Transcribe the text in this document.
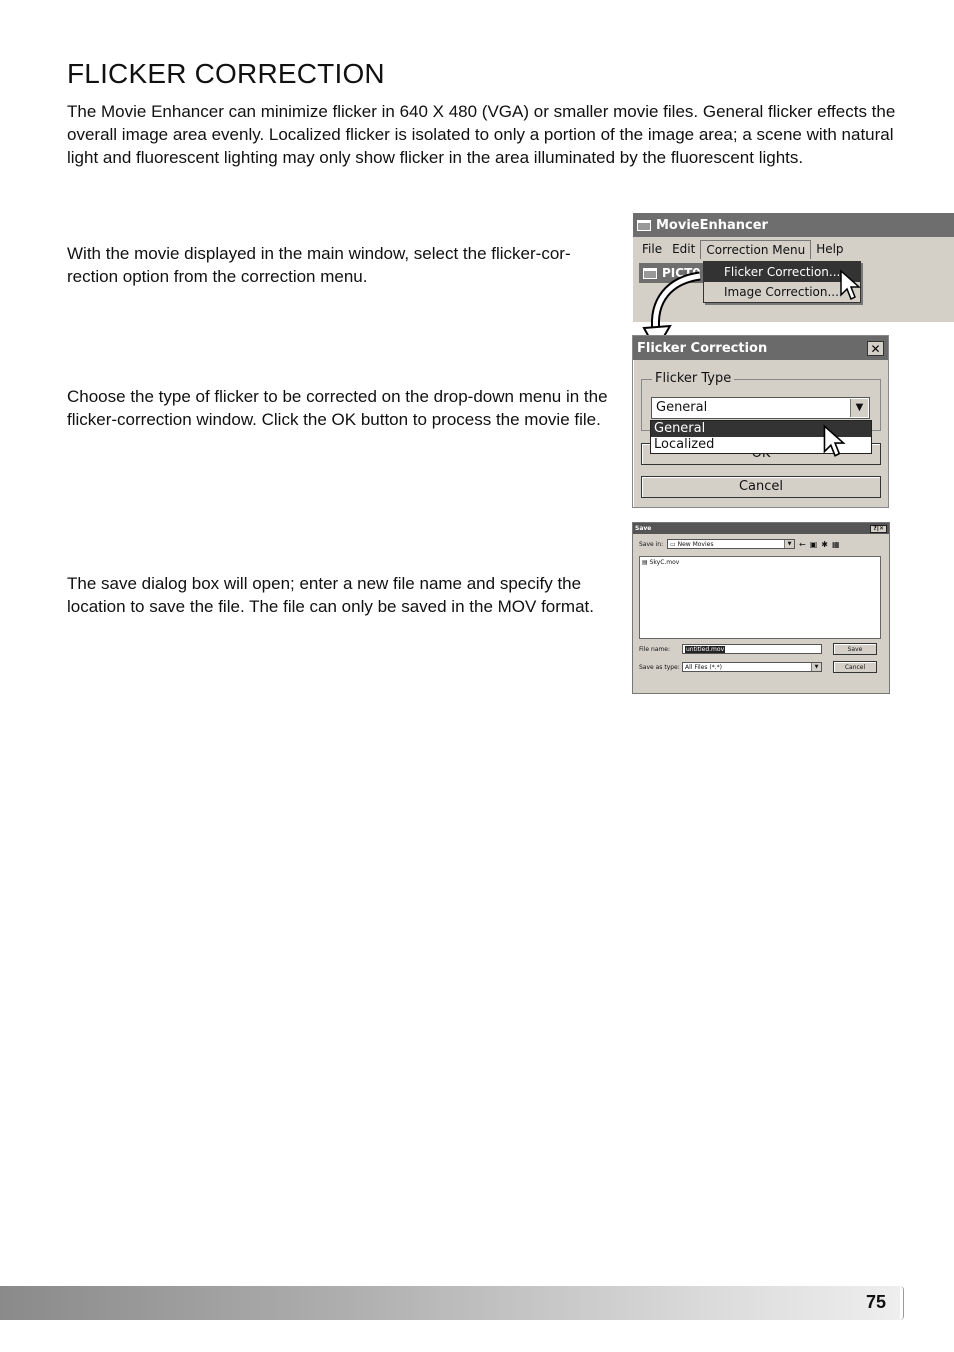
FLICKER CORRECTION

The Movie Enhancer can minimize flicker in 640 X 480 (VGA) or smaller movie files. General flicker effects the overall image area evenly. Localized flicker is isolated to only a portion of the image area; a scene with natural light and fluorescent lighting may only show flicker in the area illuminated by the fluorescent lights.

With the movie displayed in the main window, select the flicker-cor-rection option from the correction menu.

Choose the type of flicker to be corrected on the drop-down menu in the flicker-correction window. Click the OK button to process the movie file.

The save dialog box will open; enter a new file name and specify the location to save the file. The file can only be saved in the MOV format.

MovieEnhancer
File Edit Correction Menu Help
PICT0	Flicker Correction...
Image Correction...
Flicker Correction	✕
Flicker Type
General	▼
General
Localized
Cancel
Save	?|✕
Save in:	▭ New Movies	▼ ← ▣ ✱ ▦
▤ SkyC.mov
File name:	untitled.mov
Save as type: All Files (*.*)	▼
Save
Cancel
75
